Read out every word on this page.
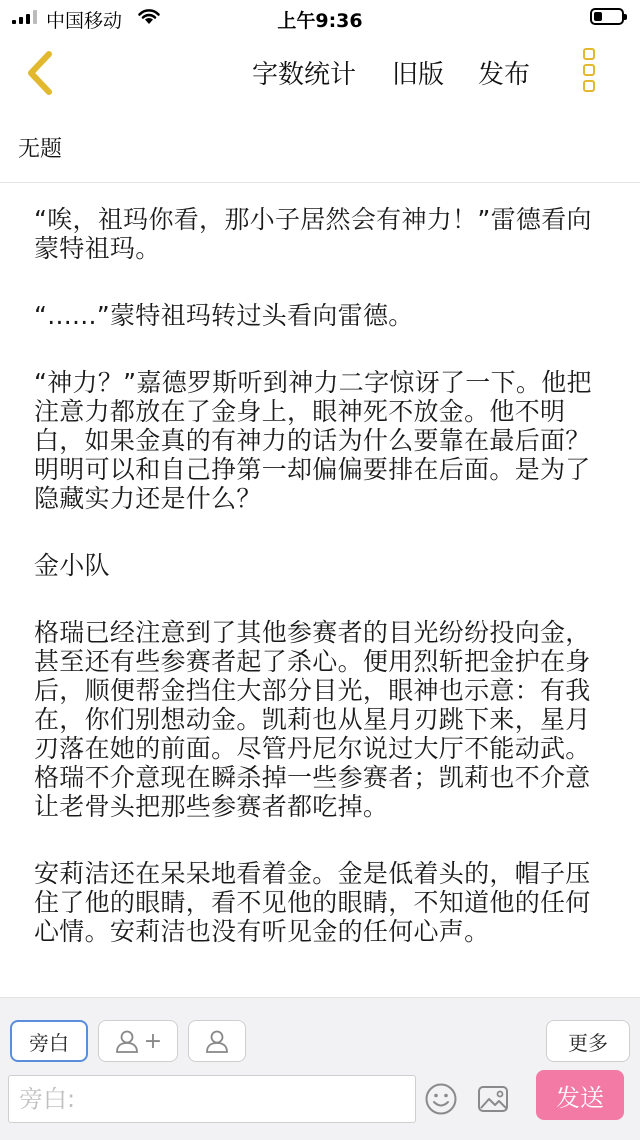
中国移动	上午9:36
字数统计 旧版 发布
无题

“唉，祖玛你看，那小子居然会有神力！”雷德看向蒙特祖玛。

“......”蒙特祖玛转过头看向雷德。

“神力？”嘉德罗斯听到神力二字惊讶了一下。他把注意力都放在了金身上，眼神死不放金。他不明白，如果金真的有神力的话为什么要靠在最后面？明明可以和自己挣第一却偏偏要排在后面。是为了隐藏实力还是什么？

金小队

格瑞已经注意到了其他参赛者的目光纷纷投向金，甚至还有些参赛者起了杀心。便用烈斩把金护在身后，顺便帮金挡住大部分目光，眼神也示意：有我在，你们别想动金。凯莉也从星月刃跳下来，星月刃落在她的前面。尽管丹尼尔说过大厅不能动武。格瑞不介意现在瞬杀掉一些参赛者；凯莉也不介意让老骨头把那些参赛者都吃掉。

安莉洁还在呆呆地看着金。金是低着头的，帽子压住了他的眼睛，看不见他的眼睛，不知道他的任何心情。安莉洁也没有听见金的任何心声。

旁白	+	更多
旁白:
发送
